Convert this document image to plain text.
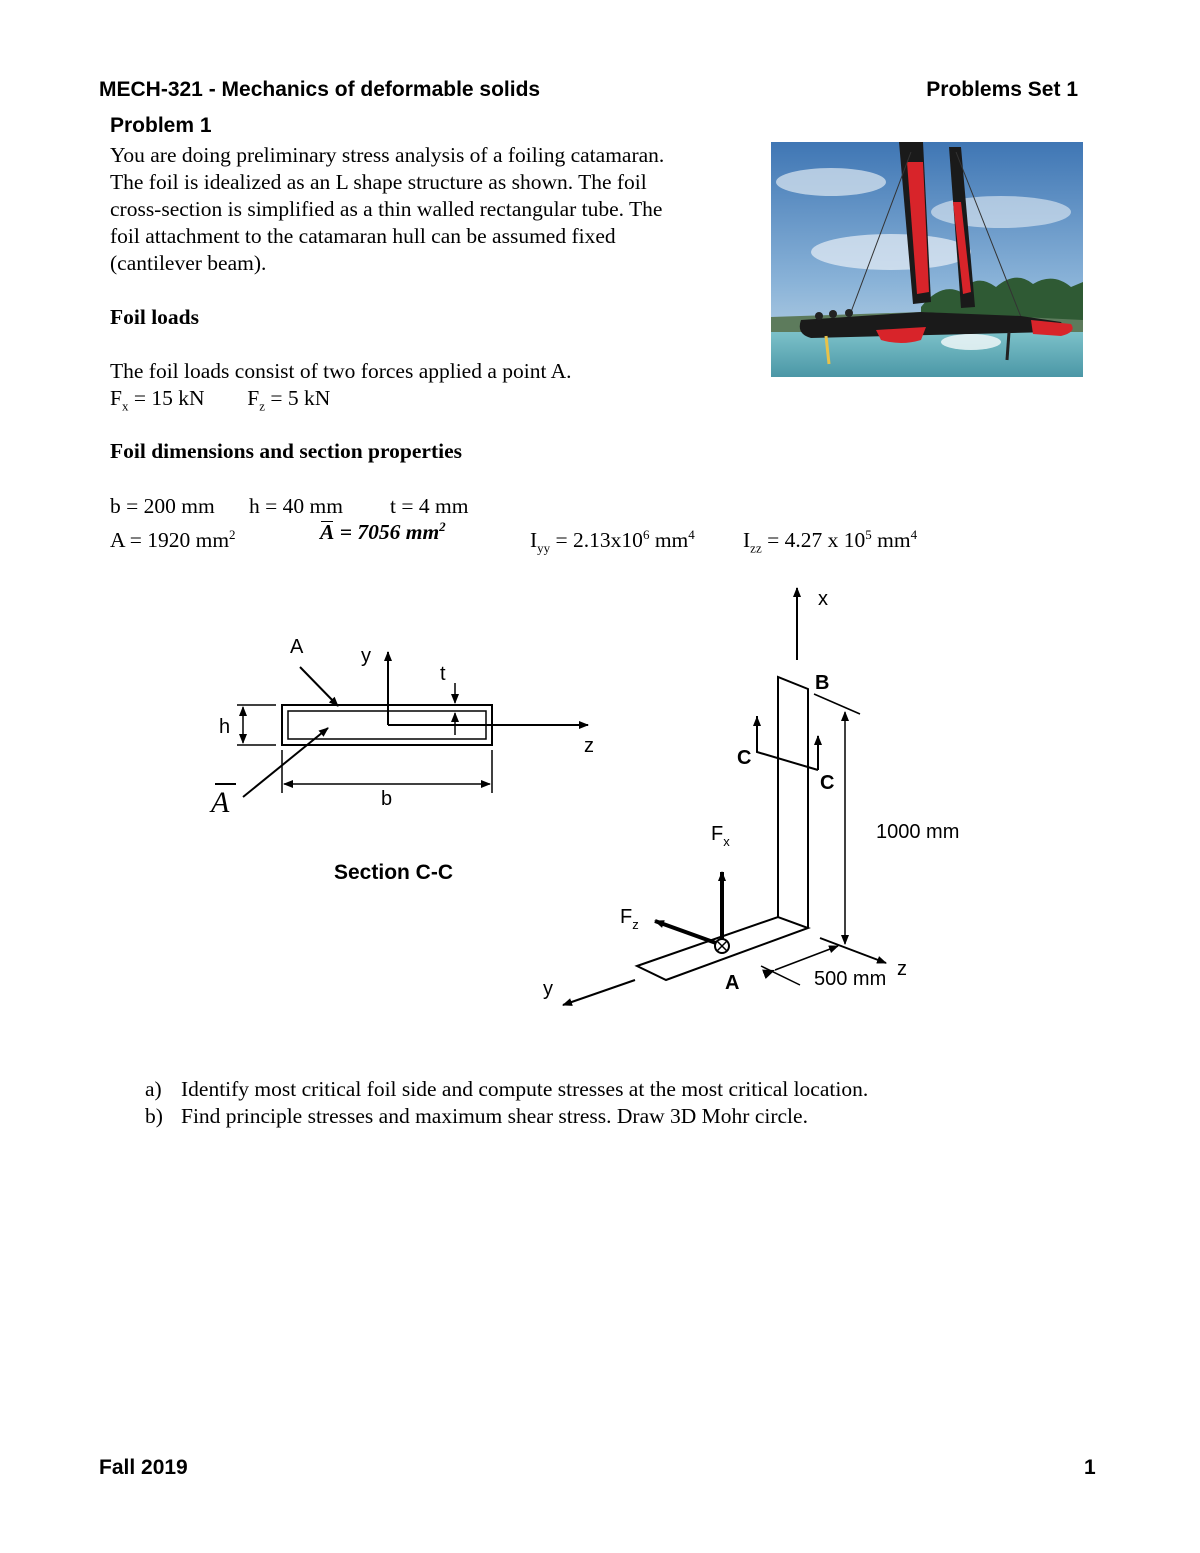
MECH-321 - Mechanics of deformable solids	Problems Set 1
Problem 1
You are doing preliminary stress analysis of a foiling catamaran.
The foil is idealized as an L shape structure as shown. The foil
cross-section is simplified as a thin walled rectangular tube. The
foil attachment to the catamaran hull can be assumed fixed
(cantilever beam).
Foil loads
The foil loads consist of two forces applied a point A.
$F_x = 15$ kN $F_z = 5$ kN
Foil dimensions and section properties
b = 200 mm h = 40 mm t = 4 mm
A = 1920 $mm^2$	A = 7056 $mm^2$
$I_{yy} = 2.13x10^6$ $mm^4$ $I_{zz} = 4.27$ x $10^5$ $mm^4$
A	y
t
h
z
b
A
Section C-C
x
B
C
C
$F_x$
$F_z$
1000 mm
500 mm z
y	A
a) Identify most critical foil side and compute stresses at the most critical location.
b) Find principle stresses and maximum shear stress. Draw 3D Mohr circle.
Fall 2019	1
